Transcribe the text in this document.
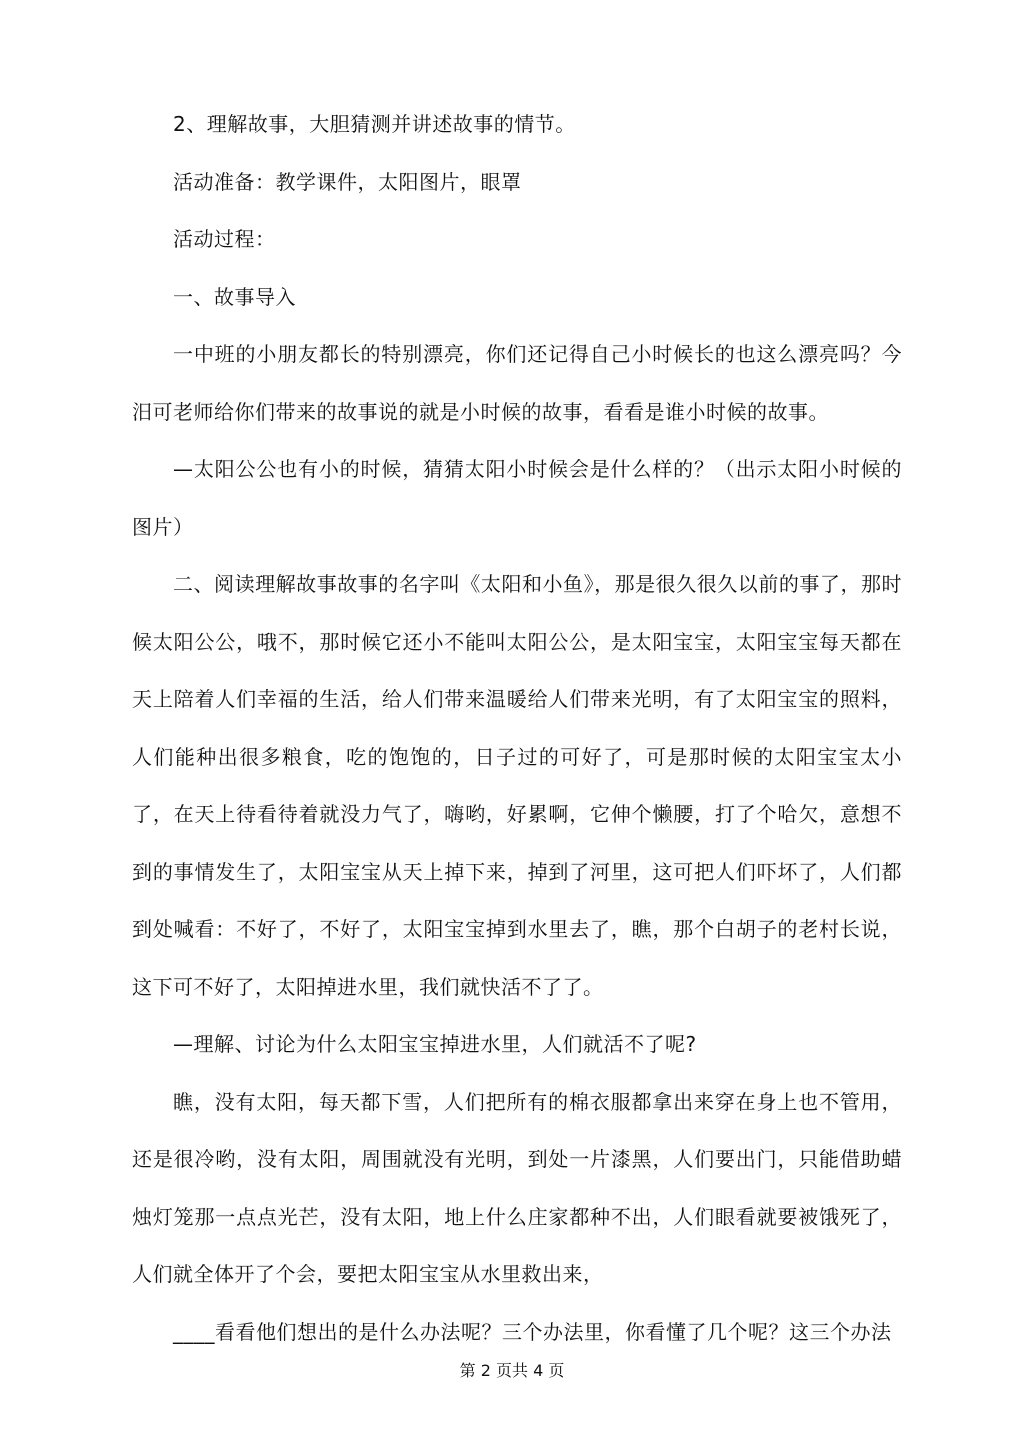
2、理解故事，大胆猜测并讲述故事的情节。

活动准备：教学课件，太阳图片，眼罩

活动过程：

一、故事导入

一中班的小朋友都长的特别漂亮，你们还记得自己小时候长的也这么漂亮吗？今汨可老师给你们带来的故事说的就是小时候的故事，看看是谁小时候的故事。

—太阳公公也有小的时候，猜猜太阳小时候会是什么样的？（出示太阳小时候的图片）

二、阅读理解故事故事的名字叫《太阳和小鱼》，那是很久很久以前的事了，那时候太阳公公，哦不，那时候它还小不能叫太阳公公，是太阳宝宝，太阳宝宝每天都在天上陪着人们幸福的生活，给人们带来温暖给人们带来光明，有了太阳宝宝的照料，人们能种出很多粮食，吃的饱饱的，日子过的可好了，可是那时候的太阳宝宝太小了，在天上待看待着就没力气了，嗨哟，好累啊，它伸个懒腰，打了个哈欠，意想不到的事情发生了，太阳宝宝从天上掉下来，掉到了河里，这可把人们吓坏了，人们都到处喊看：不好了，不好了，太阳宝宝掉到水里去了，瞧，那个白胡子的老村长说，这下可不好了，太阳掉进水里，我们就快活不了了。

—理解、讨论为什么太阳宝宝掉进水里，人们就活不了呢?

瞧，没有太阳，每天都下雪，人们把所有的棉衣服都拿出来穿在身上也不管用，还是很冷哟，没有太阳，周围就没有光明，到处一片漆黑，人们要出门，只能借助蜡烛灯笼那一点点光芒，没有太阳，地上什么庄家都种不出，人们眼看就要被饿死了，人们就全体开了个会，要把太阳宝宝从水里救出来，

____看看他们想出的是什么办法呢？三个办法里，你看懂了几个呢？这三个办法

第 2 页共 4 页
